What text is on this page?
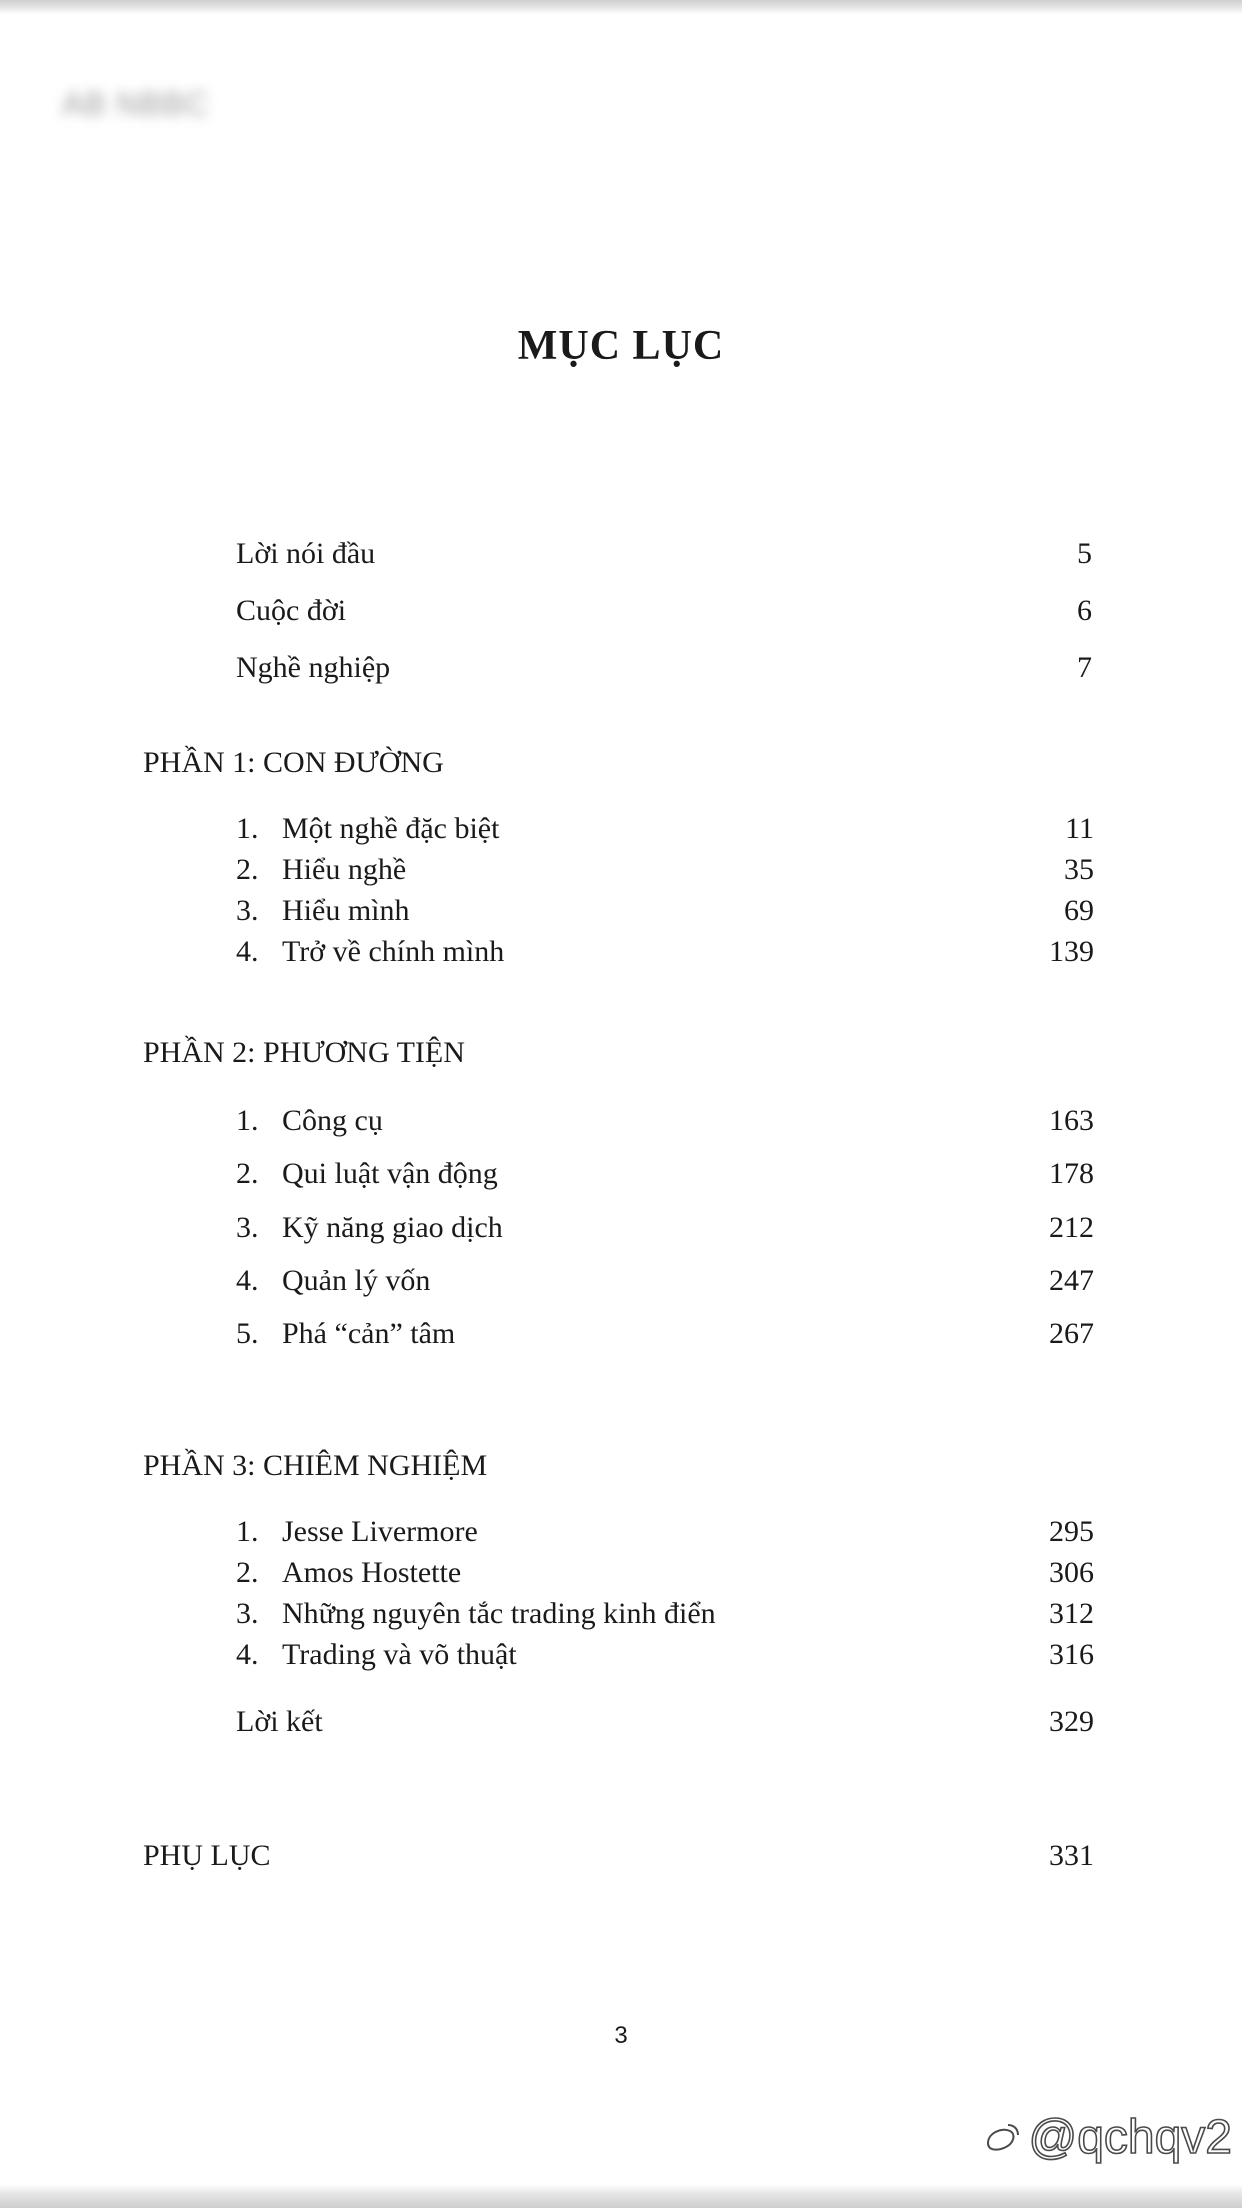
AB NBBC
MỤC LỤC
Lời nói đầu	5
Cuộc đời	6
Nghề nghiệp	7
PHẦN 1: CON ĐƯỜNG
1. Một nghề đặc biệt	11
2. Hiểu nghề	35
3. Hiểu mình	69
4. Trở về chính mình	139
PHẦN 2: PHƯƠNG TIỆN
1. Công cụ	163
2. Qui luật vận động	178
3. Kỹ năng giao dịch	212
4. Quản lý vốn	247
5. Phá “cản” tâm	267
PHẦN 3: CHIÊM NGHIỆM
1. Jesse Livermore	295
2. Amos Hostette	306
3. Những nguyên tắc trading kinh điển	312
4. Trading và võ thuật	316
Lời kết	329
PHỤ LỤC	331
3
@qchqv2
